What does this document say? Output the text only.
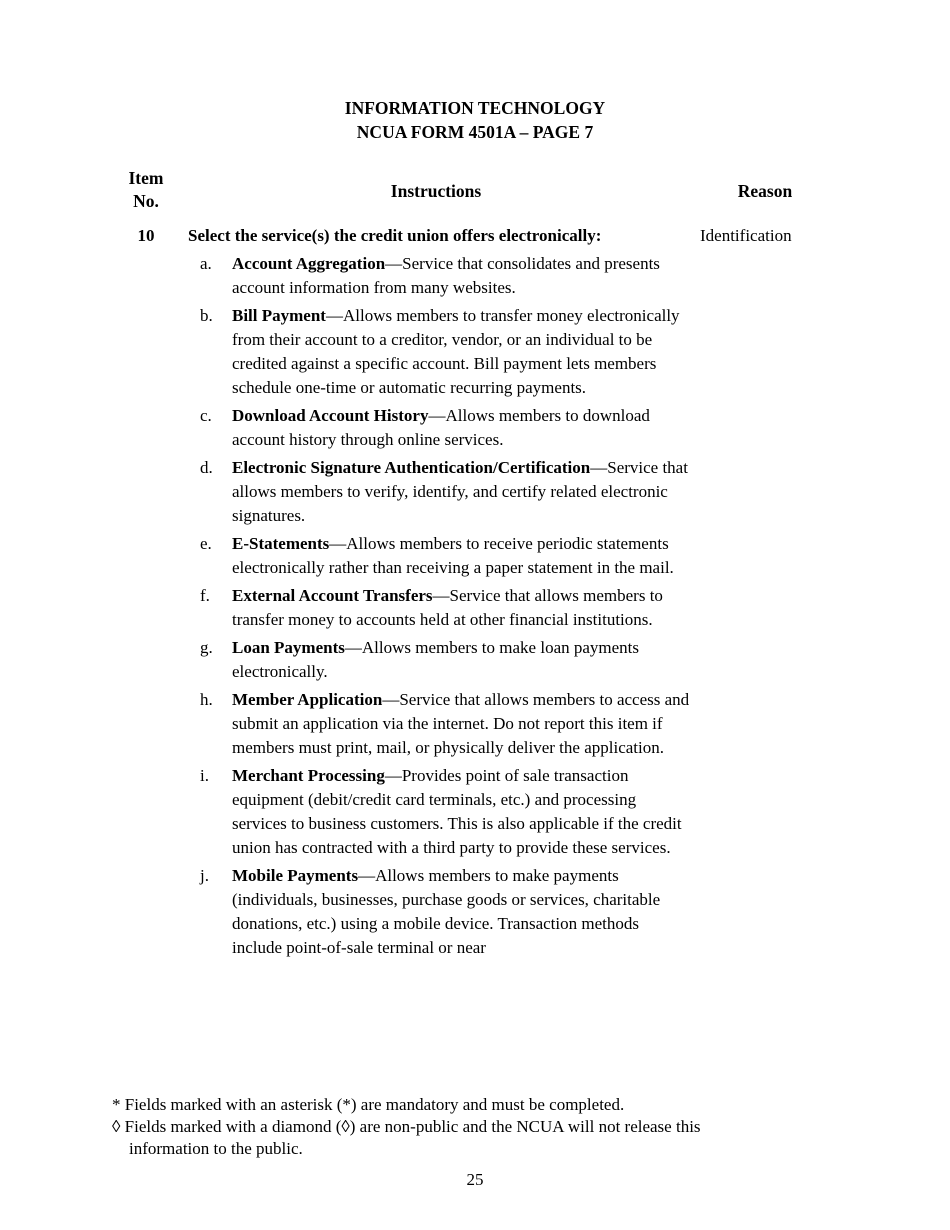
INFORMATION TECHNOLOGY
NCUA FORM 4501A – PAGE 7
Item
No.	Instructions	Reason
10	Select the service(s) the credit union offers electronically:	Identification
a.	Account Aggregation—Service that consolidates and presents account information from many websites.
b.	Bill Payment—Allows members to transfer money electronically from their account to a creditor, vendor, or an individual to be credited against a specific account. Bill payment lets members schedule one-time or automatic recurring payments.
c.	Download Account History—Allows members to download account history through online services.
d.	Electronic Signature Authentication/Certification—Service that allows members to verify, identify, and certify related electronic signatures.
e.	E-Statements—Allows members to receive periodic statements electronically rather than receiving a paper statement in the mail.
f.	External Account Transfers—Service that allows members to transfer money to accounts held at other financial institutions.
g.	Loan Payments—Allows members to make loan payments electronically.
h.	Member Application—Service that allows members to access and submit an application via the internet. Do not report this item if members must print, mail, or physically deliver the application.
i.	Merchant Processing—Provides point of sale transaction equipment (debit/credit card terminals, etc.) and processing services to business customers. This is also applicable if the credit union has contracted with a third party to provide these services.
j.	Mobile Payments—Allows members to make payments (individuals, businesses, purchase goods or services, charitable donations, etc.) using a mobile device. Transaction methods include point-of-sale terminal or near
* Fields marked with an asterisk (*) are mandatory and must be completed.
◊ Fields marked with a diamond (◊) are non-public and the NCUA will not release this
information to the public.
25
